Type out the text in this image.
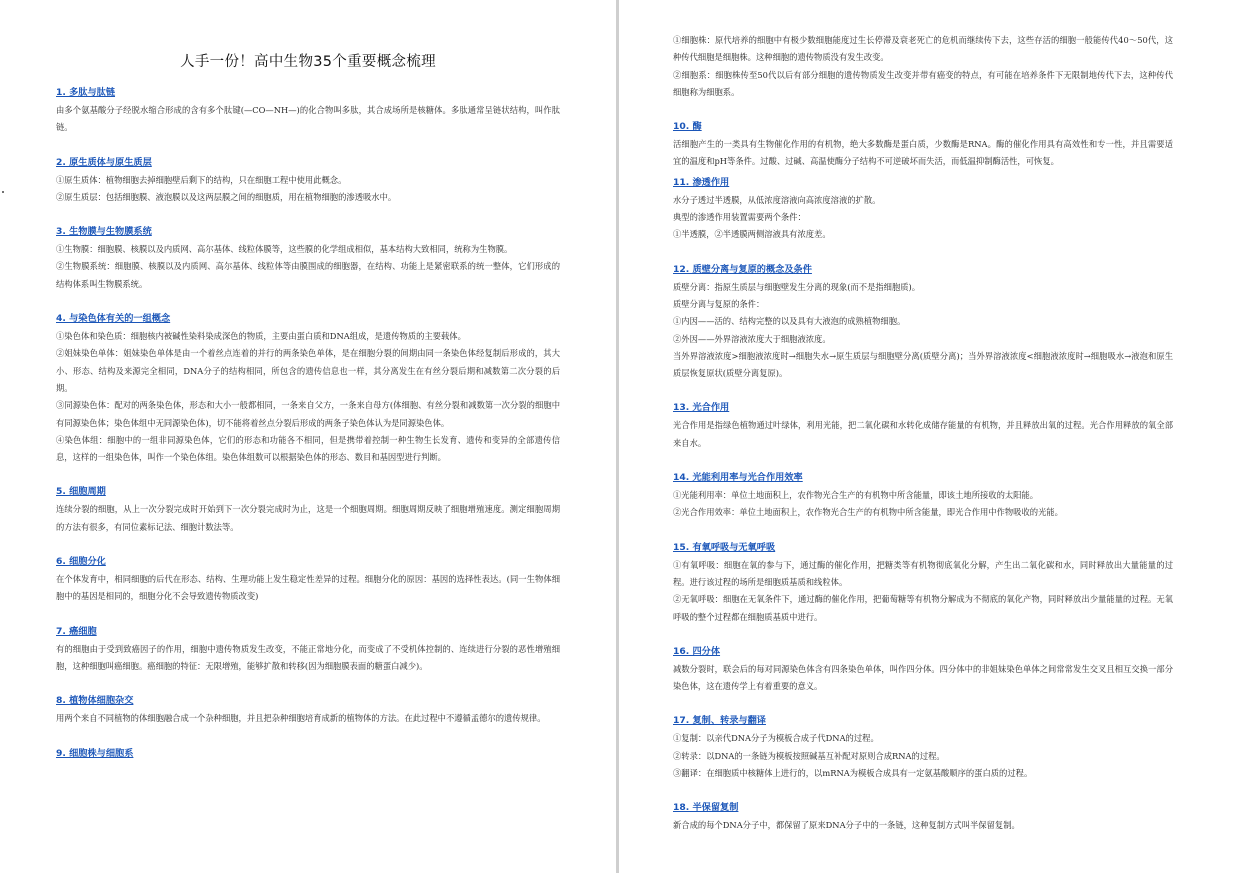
人手一份！高中生物35个重要概念梳理
1. 多肽与肽链

由多个氨基酸分子经脱水缩合形成的含有多个肽键(—CO—NH—)的化合物叫多肽，其合成场所是核糖体。多肽通常呈链状结构，叫作肽链。

2. 原生质体与原生质层

①原生质体：植物细胞去掉细胞壁后剩下的结构，只在细胞工程中使用此概念。

②原生质层：包括细胞膜、液泡膜以及这两层膜之间的细胞质，用在植物细胞的渗透吸水中。

3. 生物膜与生物膜系统

①生物膜：细胞膜、核膜以及内质网、高尔基体、线粒体膜等，这些膜的化学组成相似，基本结构大致相同，统称为生物膜。

②生物膜系统：细胞膜、核膜以及内质网、高尔基体、线粒体等由膜围成的细胞器，在结构、功能上是紧密联系的统一整体，它们形成的结构体系叫生物膜系统。

4. 与染色体有关的一组概念

①染色体和染色质：细胞核内被碱性染料染成深色的物质，主要由蛋白质和DNA组成，是遗传物质的主要载体。

②姐妹染色单体：姐妹染色单体是由一个着丝点连着的并行的两条染色单体，是在细胞分裂的间期由同一条染色体经复制后形成的，其大小、形态、结构及来源完全相同，DNA分子的结构相同，所包含的遗传信息也一样，其分离发生在有丝分裂后期和减数第二次分裂的后期。

③同源染色体：配对的两条染色体，形态和大小一般都相同，一条来自父方，一条来自母方(体细胞、有丝分裂和减数第一次分裂的细胞中有同源染色体；染色体组中无同源染色体)，切不能将着丝点分裂后形成的两条子染色体认为是同源染色体。

④染色体组：细胞中的一组非同源染色体，它们的形态和功能各不相同，但是携带着控制一种生物生长发育、遗传和变异的全部遗传信息，这样的一组染色体，叫作一个染色体组。染色体组数可以根据染色体的形态、数目和基因型进行判断。

5. 细胞周期

连续分裂的细胞，从上一次分裂完成时开始到下一次分裂完成时为止，这是一个细胞周期。细胞周期反映了细胞增殖速度。测定细胞周期的方法有很多，有同位素标记法、细胞计数法等。

6. 细胞分化

在个体发育中，相同细胞的后代在形态、结构、生理功能上发生稳定性差异的过程。细胞分化的原因：基因的选择性表达。(同一生物体细胞中的基因是相同的，细胞分化不会导致遗传物质改变)

7. 癌细胞

有的细胞由于受到致癌因子的作用，细胞中遗传物质发生改变，不能正常地分化，而变成了不受机体控制的、连续进行分裂的恶性增殖细胞，这种细胞叫癌细胞。癌细胞的特征：无限增殖，能够扩散和转移(因为细胞膜表面的糖蛋白减少)。

8. 植物体细胞杂交

用两个来自不同植物的体细胞融合成一个杂种细胞，并且把杂种细胞培育成新的植物体的方法。在此过程中不遵循孟德尔的遗传规律。

9. 细胞株与细胞系

①细胞株：原代培养的细胞中有极少数细胞能度过生长停滞及衰老死亡的危机而继续传下去，这些存活的细胞一般能传代40～50代，这种传代细胞是细胞株。这种细胞的遗传物质没有发生改变。

②细胞系：细胞株传至50代以后有部分细胞的遗传物质发生改变并带有癌变的特点，有可能在培养条件下无限制地传代下去，这种传代细胞称为细胞系。

10. 酶

活细胞产生的一类具有生物催化作用的有机物，绝大多数酶是蛋白质，少数酶是RNA。酶的催化作用具有高效性和专一性，并且需要适宜的温度和pH等条件。过酸、过碱、高温使酶分子结构不可逆破坏而失活，而低温抑制酶活性，可恢复。

11. 渗透作用

水分子透过半透膜，从低浓度溶液向高浓度溶液的扩散。

典型的渗透作用装置需要两个条件：

①半透膜，②半透膜两侧溶液具有浓度差。

12. 质壁分离与复原的概念及条件

质壁分离：指原生质层与细胞壁发生分离的现象(而不是指细胞质)。

质壁分离与复原的条件：

①内因——活的、结构完整的以及具有大液泡的成熟植物细胞。

②外因——外界溶液浓度大于细胞液浓度。

当外界溶液浓度>细胞液浓度时→细胞失水→原生质层与细胞壁分离(质壁分离)；当外界溶液浓度<细胞液浓度时→细胞吸水→液泡和原生质层恢复原状(质壁分离复原)。

13. 光合作用

光合作用是指绿色植物通过叶绿体，利用光能，把二氧化碳和水转化成储存能量的有机物，并且释放出氧的过程。光合作用释放的氧全部来自水。

14. 光能利用率与光合作用效率

①光能利用率：单位土地面积上，农作物光合生产的有机物中所含能量，即该土地所接收的太阳能。

②光合作用效率：单位土地面积上，农作物光合生产的有机物中所含能量，即光合作用中作物吸收的光能。

15. 有氧呼吸与无氧呼吸

①有氧呼吸：细胞在氧的参与下，通过酶的催化作用，把糖类等有机物彻底氧化分解，产生出二氧化碳和水，同时释放出大量能量的过程。进行该过程的场所是细胞质基质和线粒体。

②无氧呼吸：细胞在无氧条件下，通过酶的催化作用，把葡萄糖等有机物分解成为不彻底的氧化产物，同时释放出少量能量的过程。无氧呼吸的整个过程都在细胞质基质中进行。

16. 四分体

减数分裂时，联会后的每对同源染色体含有四条染色单体，叫作四分体。四分体中的非姐妹染色单体之间常常发生交叉且相互交换一部分染色体，这在遗传学上有着重要的意义。

17. 复制、转录与翻译

①复制：以亲代DNA分子为模板合成子代DNA的过程。

②转录：以DNA的一条链为模板按照碱基互补配对原则合成RNA的过程。

③翻译：在细胞质中核糖体上进行的，以mRNA为模板合成具有一定氨基酸顺序的蛋白质的过程。

18. 半保留复制

新合成的每个DNA分子中，都保留了原来DNA分子中的一条链，这种复制方式叫半保留复制。
